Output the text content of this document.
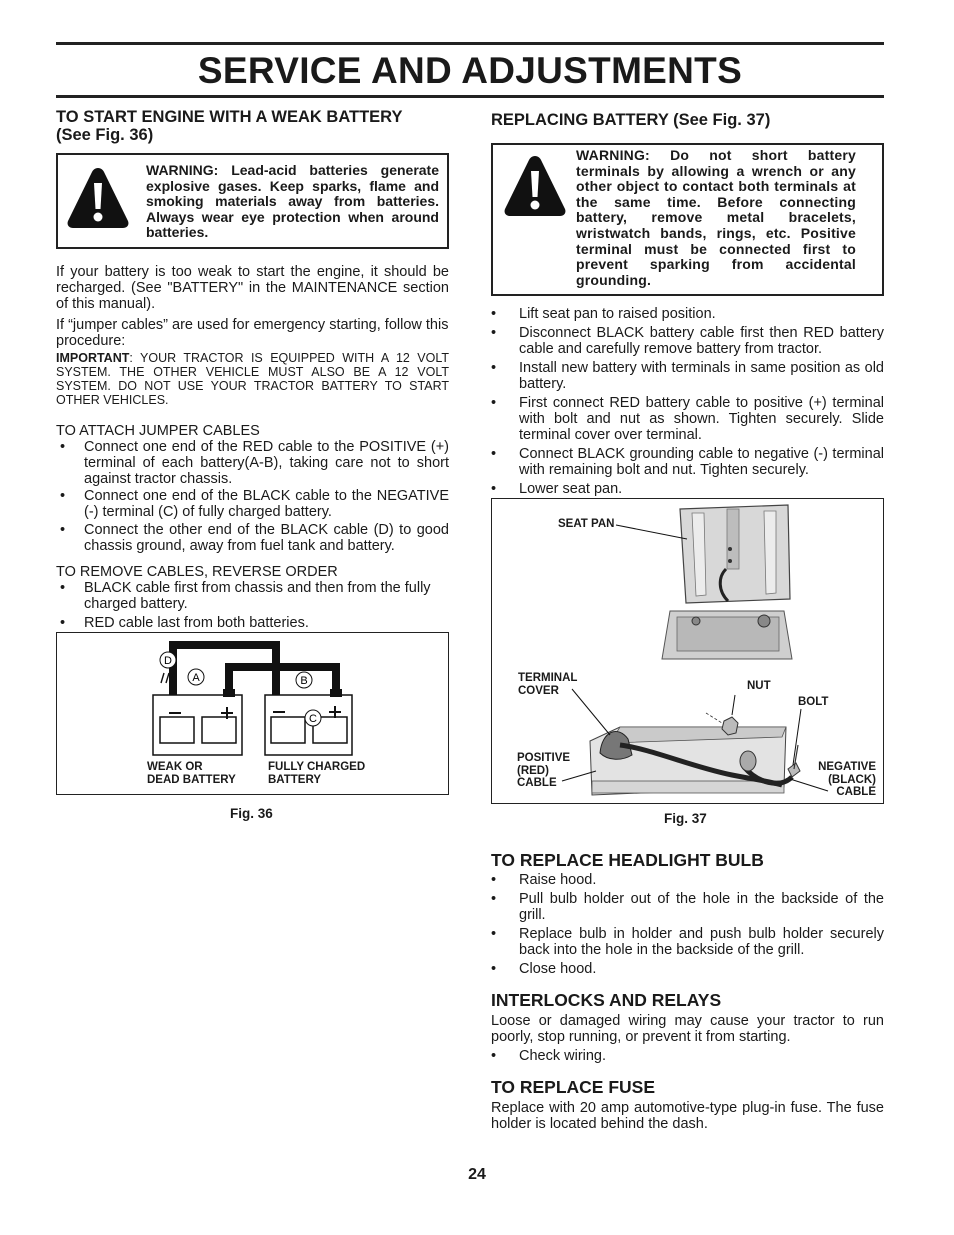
SERVICE AND ADJUSTMENTS
TO START ENGINE WITH A WEAK BATTERY
(See Fig. 36)
WARNING: Lead-acid batteries generate explosive gases. Keep sparks, flame and smoking materials away from batteries. Always wear eye protection when around batteries.

If your battery is too weak to start the engine, it should be recharged. (See "BATTERY" in the MAINTENANCE section of this manual).

If “jumper cables” are used for emergency starting, follow this procedure:

IMPORTANT: YOUR TRACTOR IS EQUIPPED WITH A 12 VOLT SYSTEM. THE OTHER VEHICLE MUST ALSO BE A 12 VOLT SYSTEM. DO NOT USE YOUR TRACTOR BATTERY TO START OTHER VEHICLES.

TO ATTACH JUMPER CABLES

• Connect one end of the RED cable to the POSITIVE (+) terminal of each battery(A-B), taking care not to short against tractor chassis.
• Connect one end of the BLACK cable to the NEGATIVE (-) terminal (C) of fully charged battery.
• Connect the other end of the BLACK cable (D) to good chassis ground, away from fuel tank and battery.

TO REMOVE CABLES, REVERSE ORDER

• BLACK cable first from chassis and then from the fully charged battery.
• RED cable last from both batteries.
D
A	B
C
WEAK OR
DEAD BATTERY
FULLY CHARGED
BATTERY
Fig. 36
REPLACING BATTERY (See Fig. 37)
WARNING: Do not short battery terminals by allowing a wrench or any other object to contact both terminals at the same time. Before connecting battery, remove metal bracelets, wristwatch bands, rings, etc. Positive terminal must be connected first to prevent sparking from accidental grounding.
• Lift seat pan to raised position.
• Disconnect BLACK battery cable first then RED battery cable and carefully remove battery from tractor.
• Install new battery with terminals in same position as old battery.
• First connect RED battery cable to positive (+) terminal with bolt and nut as shown. Tighten securely. Slide terminal cover over terminal.
• Connect BLACK grounding cable to negative (-) terminal with remaining bolt and nut. Tighten securely.
• Lower seat pan.
SEAT PAN
TERMINAL
COVER	NUT
BOLT
POSITIVE
(RED)
CABLE
NEGATIVE
(BLACK)
CABLE
Fig. 37
TO REPLACE HEADLIGHT BULB
• Raise hood.
• Pull bulb holder out of the hole in the backside of the grill.
• Replace bulb in holder and push bulb holder securely back into the hole in the backside of the grill.
• Close hood.
INTERLOCKS AND RELAYS

Loose or damaged wiring may cause your tractor to run poorly, stop running, or prevent it from starting.

• Check wiring.
TO REPLACE FUSE

Replace with 20 amp automotive-type plug-in fuse. The fuse holder is located behind the dash.

24
